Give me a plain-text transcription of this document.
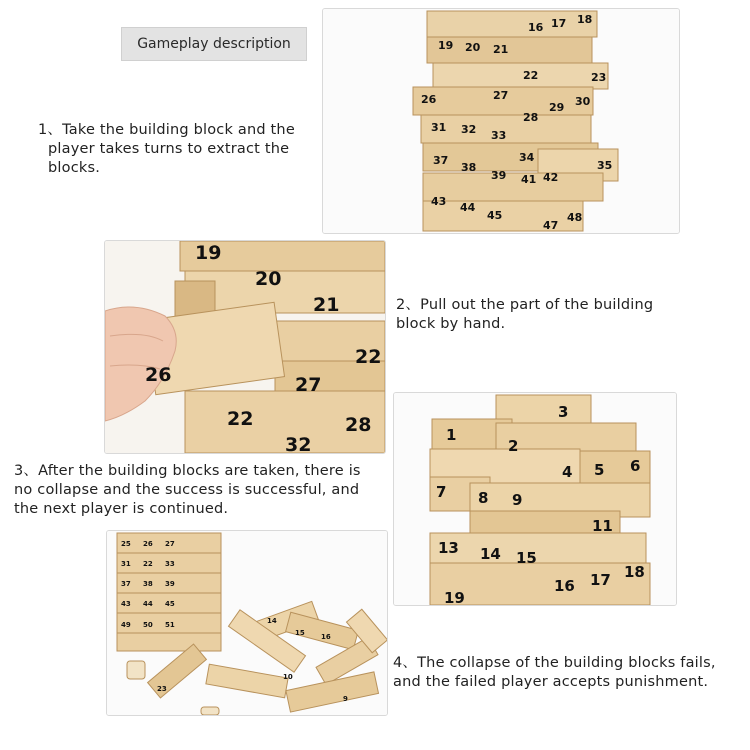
Gameplay description
1、Take the building block and the
player takes turns to extract the
blocks.
16 17 18
19 20 21
22	23
26	27
28
29 30
31 32 33
34
35
37
38
39 41 42
43 44
45
47
48
19
20
21
26
22
27
22	28
32
2、Pull out the part of the building
block by hand.
3
1
2
4 5 6
7 8 9
11
13 14 15
16 17 18
19
3、After the building blocks are taken, there is
no collapse and the success is successful, and
the next player is continued.
25 26 27
31 22 33
37 38 39
43 44 45
49 50 51	14
15 16
23
10
9
4、The collapse of the building blocks fails,
and the failed player accepts punishment.
